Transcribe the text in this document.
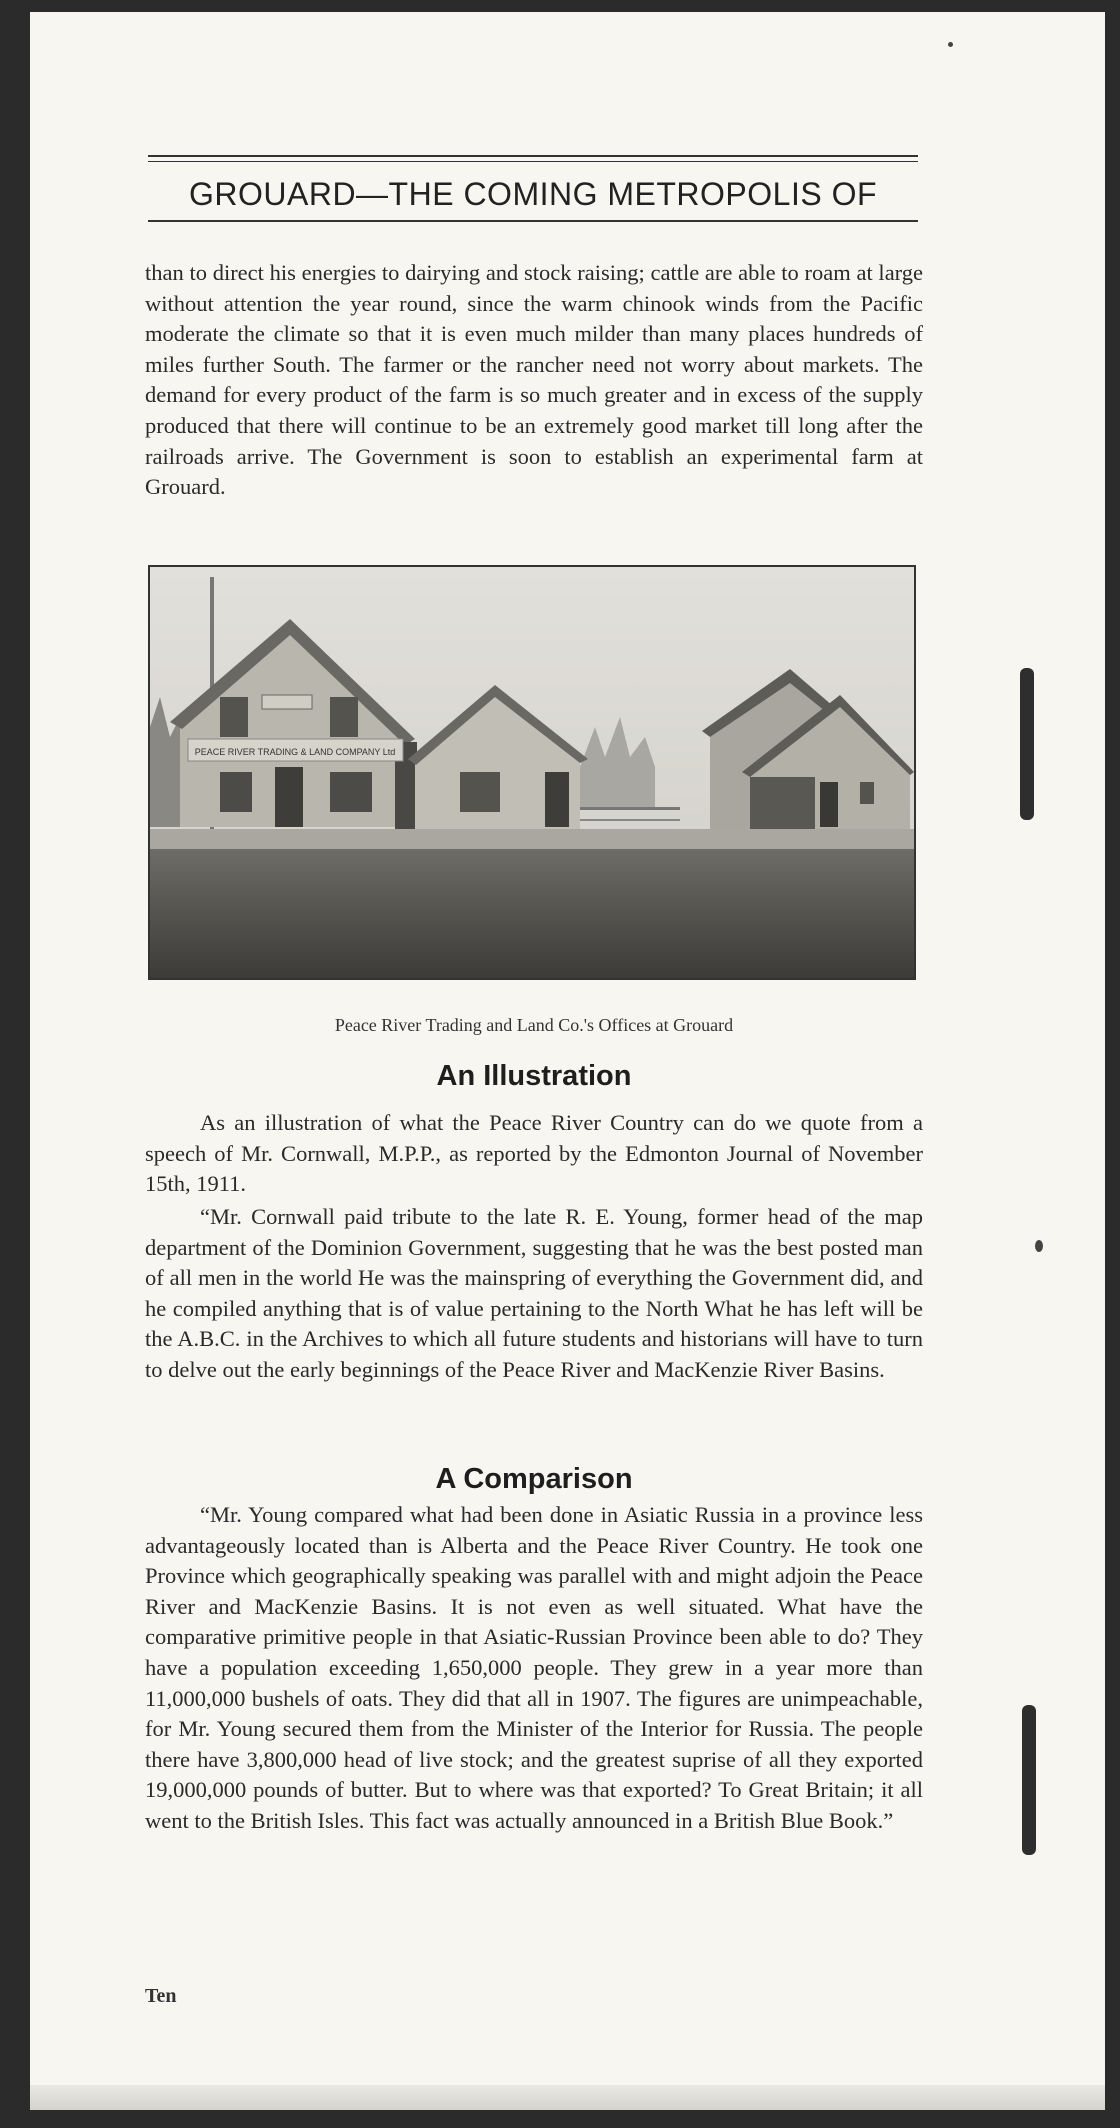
GROUARD—THE COMING METROPOLIS OF

than to direct his energies to dairying and stock raising; cattle are able to roam at large without attention the year round, since the warm chinook winds from the Pacific moderate the climate so that it is even much milder than many places hundreds of miles further South. The farmer or the rancher need not worry about markets. The demand for every product of the farm is so much greater and in excess of the supply produced that there will continue to be an extremely good market till long after the railroads arrive. The Government is soon to establish an experimental farm at Grouard.

PEACE RIVER TRADING & LAND COMPANY Ltd
Peace River Trading and Land Co.'s Offices at Grouard
An Illustration

As an illustration of what the Peace River Country can do we quote from a speech of Mr. Cornwall, M.P.P., as reported by the Edmonton Journal of November 15th, 1911.

“Mr. Cornwall paid tribute to the late R. E. Young, former head of the map department of the Dominion Government, suggesting that he was the best posted man of all men in the world He was the mainspring of everything the Government did, and he compiled anything that is of value pertaining to the North What he has left will be the A.B.C. in the Archives to which all future students and historians will have to turn to delve out the early beginnings of the Peace River and MacKenzie River Basins.

A Comparison

“Mr. Young compared what had been done in Asiatic Russia in a province less advantageously located than is Alberta and the Peace River Country. He took one Province which geographically speaking was parallel with and might adjoin the Peace River and MacKenzie Basins. It is not even as well situated. What have the comparative primitive people in that Asiatic-Russian Province been able to do? They have a population exceeding 1,650,000 people. They grew in a year more than 11,000,000 bushels of oats. They did that all in 1907. The figures are unimpeachable, for Mr. Young secured them from the Minister of the Interior for Russia. The people there have 3,800,000 head of live stock; and the greatest suprise of all they exported 19,000,000 pounds of butter. But to where was that exported? To Great Britain; it all went to the British Isles. This fact was actually announced in a British Blue Book.”

Ten
